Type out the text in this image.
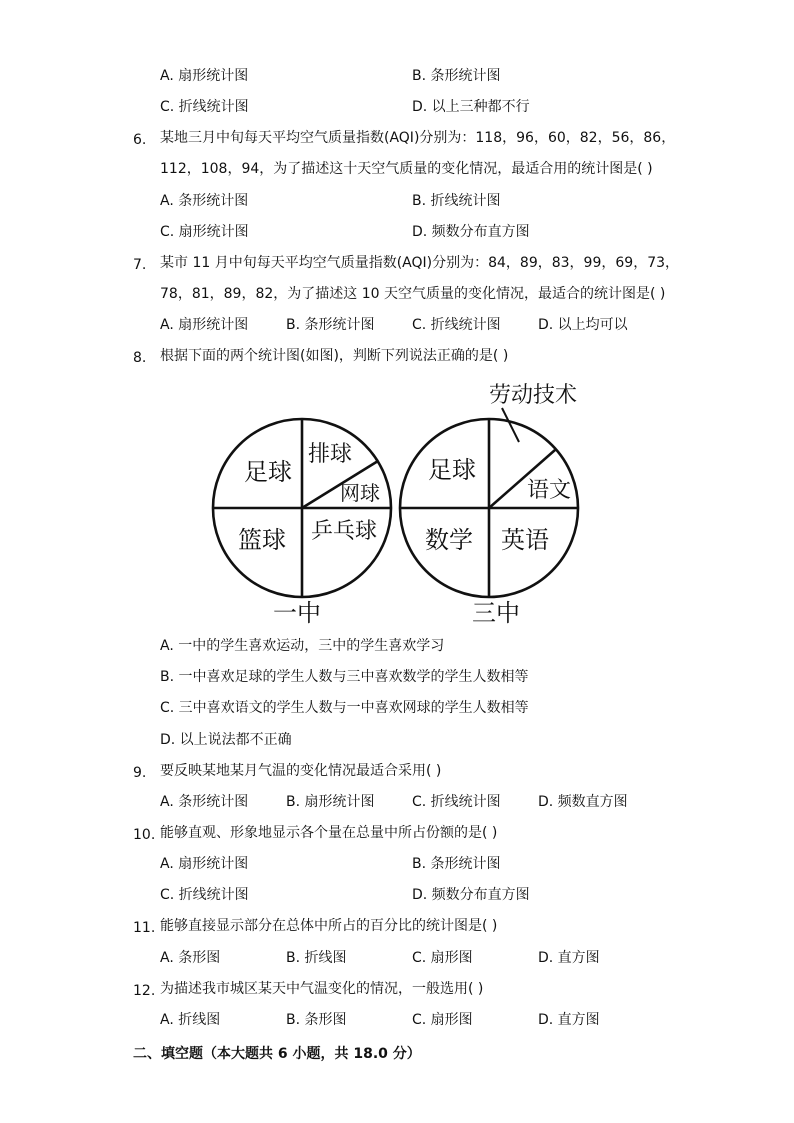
A. 扇形统计图	B. 条形统计图
C. 折线统计图	D. 以上三种都不行
6. 某地三月中旬每天平均空气质量指数(AQI)分别为：118，96，60，82，56，86，
112，108，94，为了描述这十天空气质量的变化情况，最适合用的统计图是( )
A. 条形统计图	B. 折线统计图
C. 扇形统计图	D. 频数分布直方图
7. 某市 11 月中旬每天平均空气质量指数(AQI)分别为：84，89，83，99，69，73，
78，81，89，82，为了描述这 10 天空气质量的变化情况，最适合的统计图是( )
A. 扇形统计图	B. 条形统计图	C. 折线统计图	D. 以上均可以
8. 根据下面的两个统计图(如图)，判断下列说法正确的是( )
足球
排球
网球
篮球 乒乓球
一中
劳动技术
足球
语文
数学 英语
三中
A. 一中的学生喜欢运动，三中的学生喜欢学习
B. 一中喜欢足球的学生人数与三中喜欢数学的学生人数相等
C. 三中喜欢语文的学生人数与一中喜欢网球的学生人数相等
D. 以上说法都不正确
9. 要反映某地某月气温的变化情况最适合采用( )
A. 条形统计图	B. 扇形统计图	C. 折线统计图	D. 频数直方图
10. 能够直观、形象地显示各个量在总量中所占份额的是( )
A. 扇形统计图	B. 条形统计图
C. 折线统计图	D. 频数分布直方图
11. 能够直接显示部分在总体中所占的百分比的统计图是( )
A. 条形图	B. 折线图	C. 扇形图	D. 直方图
12. 为描述我市城区某天中气温变化的情况，一般选用( )
A. 折线图	B. 条形图	C. 扇形图	D. 直方图
二、填空题（本大题共 6 小题，共 18.0 分）
